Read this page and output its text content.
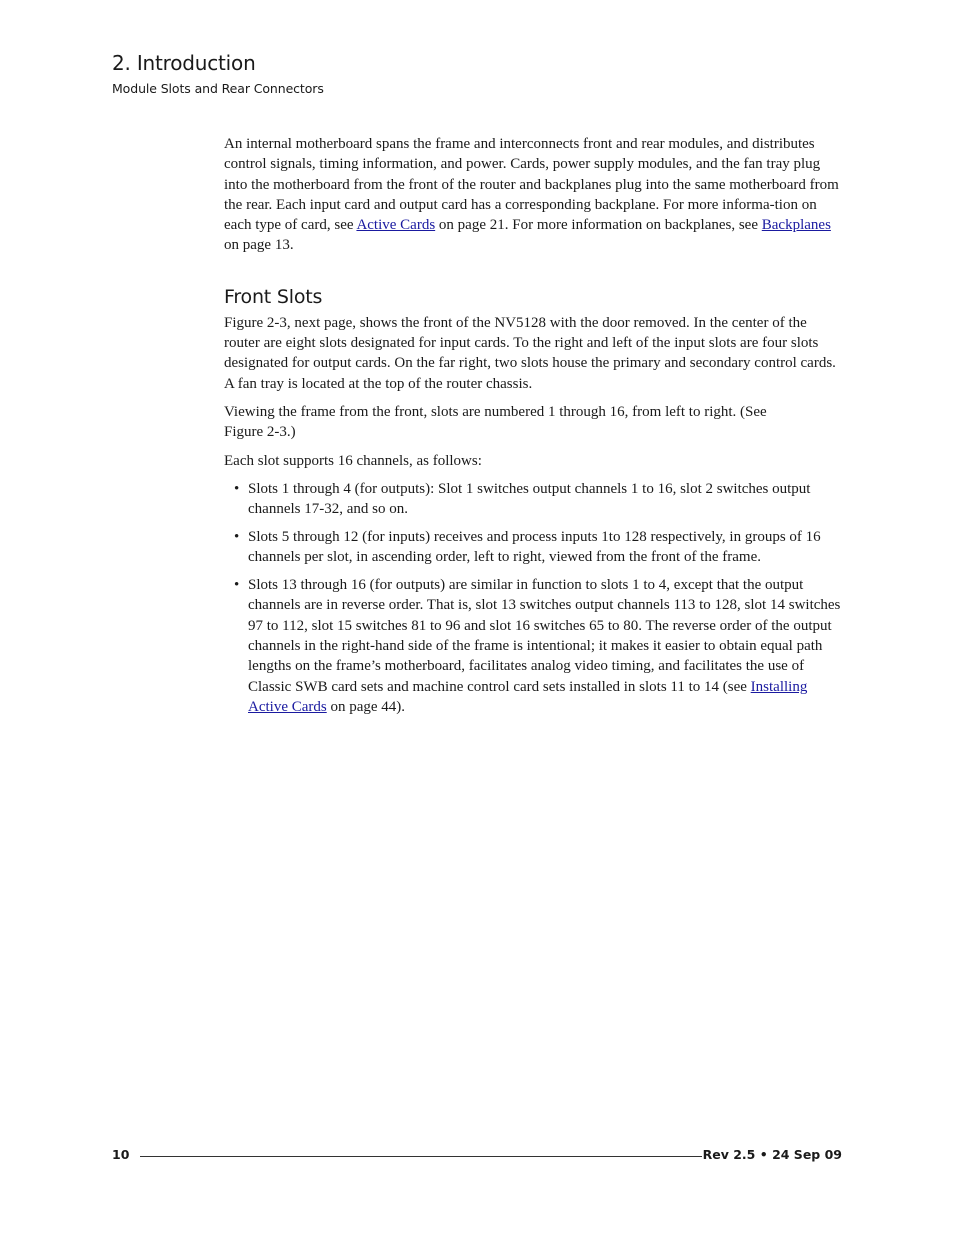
2. Introduction
Module Slots and Rear Connectors

An internal motherboard spans the frame and interconnects front and rear modules, and distributes control signals, timing information, and power. Cards, power supply modules, and the fan tray plug into the motherboard from the front of the router and backplanes plug into the same motherboard from the rear. Each input card and output card has a corresponding backplane. For more informa-tion on each type of card, see Active Cards on page 21. For more information on backplanes, see Backplanes on page 13.

Front Slots

Figure 2-3, next page, shows the front of the NV5128 with the door removed. In the center of the router are eight slots designated for input cards. To the right and left of the input slots are four slots designated for output cards. On the far right, two slots house the primary and secondary control cards. A fan tray is located at the top of the router chassis.

Viewing the frame from the front, slots are numbered 1 through 16, from left to right. (See
Figure 2-3.)

Each slot supports 16 channels, as follows:

• Slots 1 through 4 (for outputs): Slot 1 switches output channels 1 to 16, slot 2 switches output channels 17-32, and so on.
• Slots 5 through 12 (for inputs) receives and process inputs 1to 128 respectively, in groups of 16 channels per slot, in ascending order, left to right, viewed from the front of the frame.
• Slots 13 through 16 (for outputs) are similar in function to slots 1 to 4, except that the output channels are in reverse order. That is, slot 13 switches output channels 113 to 128, slot 14 switches 97 to 112, slot 15 switches 81 to 96 and slot 16 switches 65 to 80. The reverse order of the output channels in the right-hand side of the frame is intentional; it makes it easier to obtain equal path lengths on the frame’s motherboard, facilitates analog video timing, and facilitates the use of Classic SWB card sets and machine control card sets installed in slots 11 to 14 (see Installing Active Cards on page 44).
10	Rev 2.5 • 24 Sep 09
